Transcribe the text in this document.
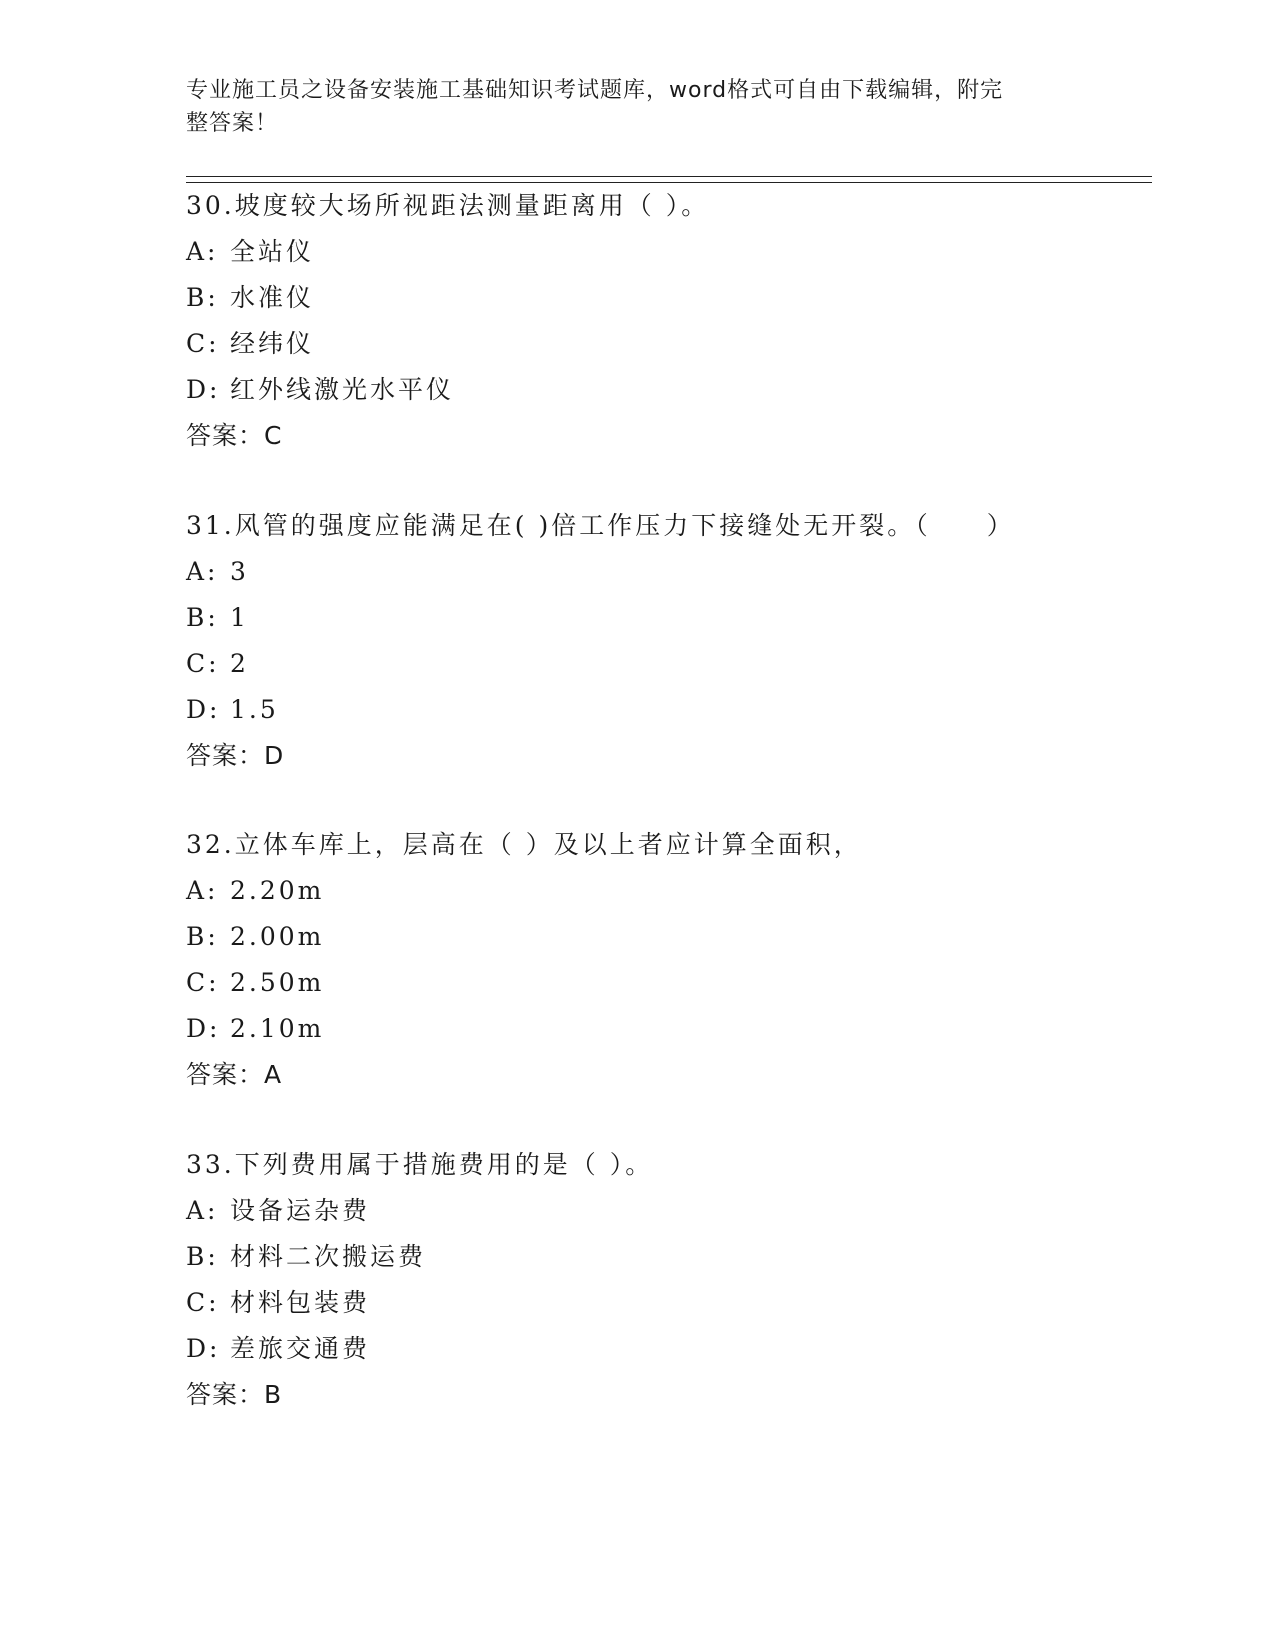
专业施工员之设备安装施工基础知识考试题库，word格式可自由下载编辑，附完
整答案！
30.坡度较大场所视距法测量距离用（ ）。
A: 全站仪
B: 水准仪
C: 经纬仪
D: 红外线激光水平仪
答案：C
31.风管的强度应能满足在( )倍工作压力下接缝处无开裂。（　　）
A: 3
B: 1
C: 2
D: 1.5
答案：D
32.立体车库上，层高在（ ）及以上者应计算全面积，
A: 2.20m
B: 2.00m
C: 2.50m
D: 2.10m
答案：A
33.下列费用属于措施费用的是（ ）。
A: 设备运杂费
B: 材料二次搬运费
C: 材料包装费
D: 差旅交通费
答案：B
